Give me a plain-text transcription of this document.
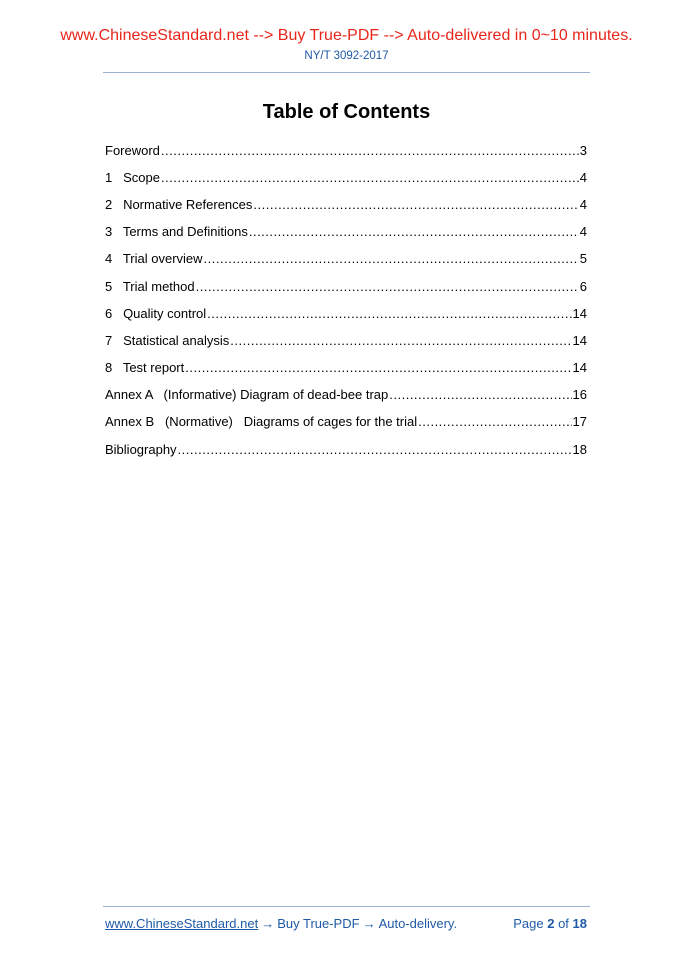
www.ChineseStandard.net --> Buy True-PDF --> Auto-delivered in 0~10 minutes.
NY/T 3092-2017
Table of Contents
Foreword .....	3
1   Scope .....	4
2   Normative References .....	4
3   Terms and Definitions .....	4
4   Trial overview .....	5
5   Trial method .....	6
6   Quality control .....	14
7   Statistical analysis .....	14
8   Test report .....	14
Annex A   (Informative) Diagram of dead-bee trap .....	16
Annex B   (Normative)   Diagrams of cages for the trial .....	17
Bibliography .....	18
www.ChineseStandard.net → Buy True-PDF → Auto-delivery.	Page 2 of 18
